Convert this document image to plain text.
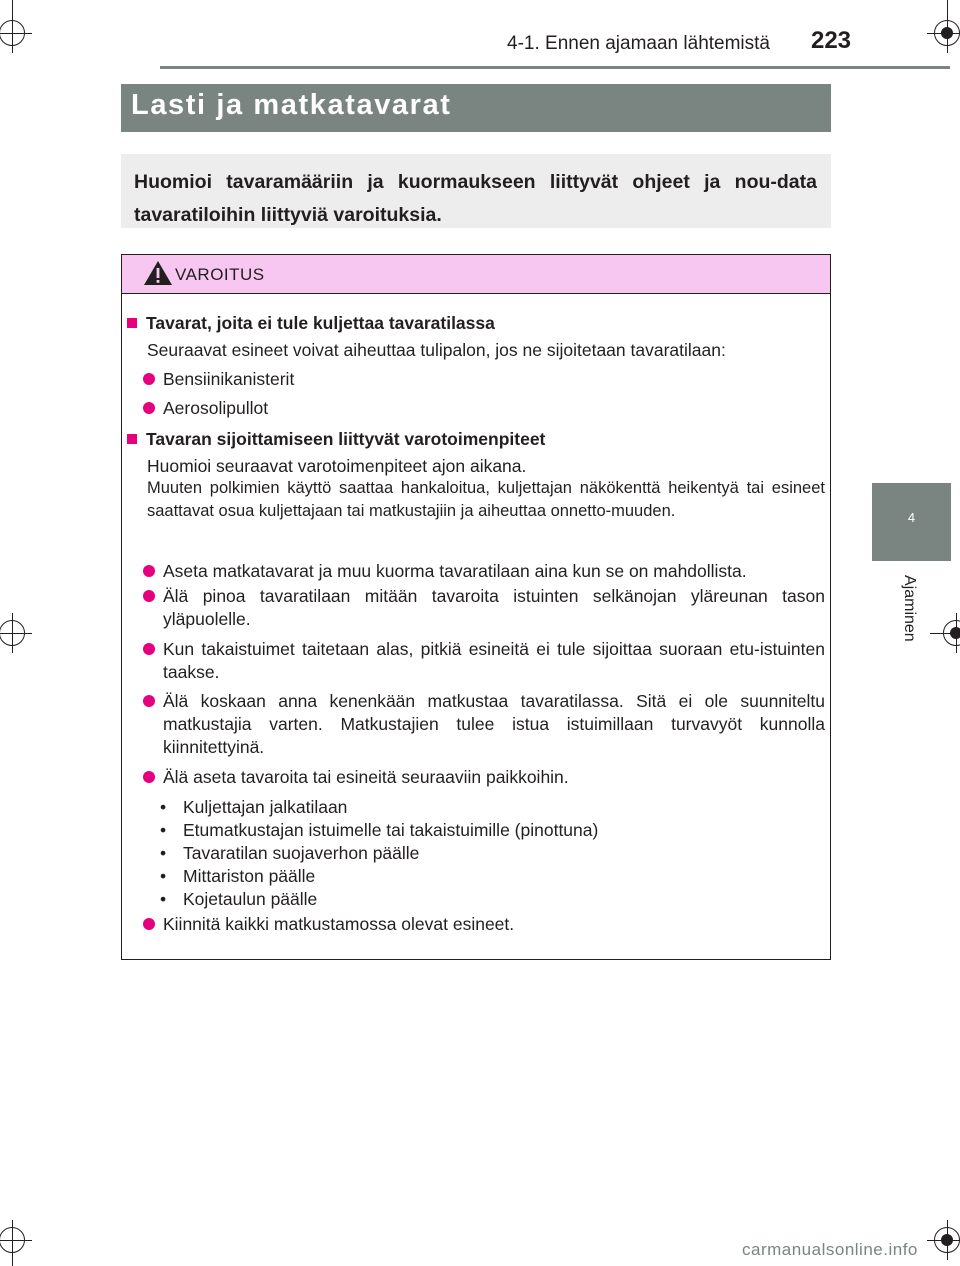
4-1. Ennen ajamaan lähtemistä	223
4
Ajaminen
Lasti ja matkatavarat
Huomioi tavaramääriin ja kuormaukseen liittyvät ohjeet ja nou-data tavaratiloihin liittyviä varoituksia.
VAROITUS
Tavarat, joita ei tule kuljettaa tavaratilassa
Seuraavat esineet voivat aiheuttaa tulipalon, jos ne sijoitetaan tavaratilaan:
Bensiinikanisterit
Aerosolipullot
Tavaran sijoittamiseen liittyvät varotoimenpiteet
Huomioi seuraavat varotoimenpiteet ajon aikana.
Muuten polkimien käyttö saattaa hankaloitua, kuljettajan näkökenttä heikentyä tai esineet saattavat osua kuljettajaan tai matkustajiin ja aiheuttaa onnetto-muuden.
Aseta matkatavarat ja muu kuorma tavaratilaan aina kun se on mahdollista.
Älä pinoa tavaratilaan mitään tavaroita istuinten selkänojan yläreunan tason yläpuolelle.
Kun takaistuimet taitetaan alas, pitkiä esineitä ei tule sijoittaa suoraan etu-istuinten taakse.
Älä koskaan anna kenenkään matkustaa tavaratilassa. Sitä ei ole suunniteltu matkustajia varten. Matkustajien tulee istua istuimillaan turvavyöt kunnolla kiinnitettyinä.
Älä aseta tavaroita tai esineitä seuraaviin paikkoihin.
• Kuljettajan jalkatilaan
• Etumatkustajan istuimelle tai takaistuimille (pinottuna)
• Tavaratilan suojaverhon päälle
• Mittariston päälle
• Kojetaulun päälle
Kiinnitä kaikki matkustamossa olevat esineet.
carmanualsonline.info
